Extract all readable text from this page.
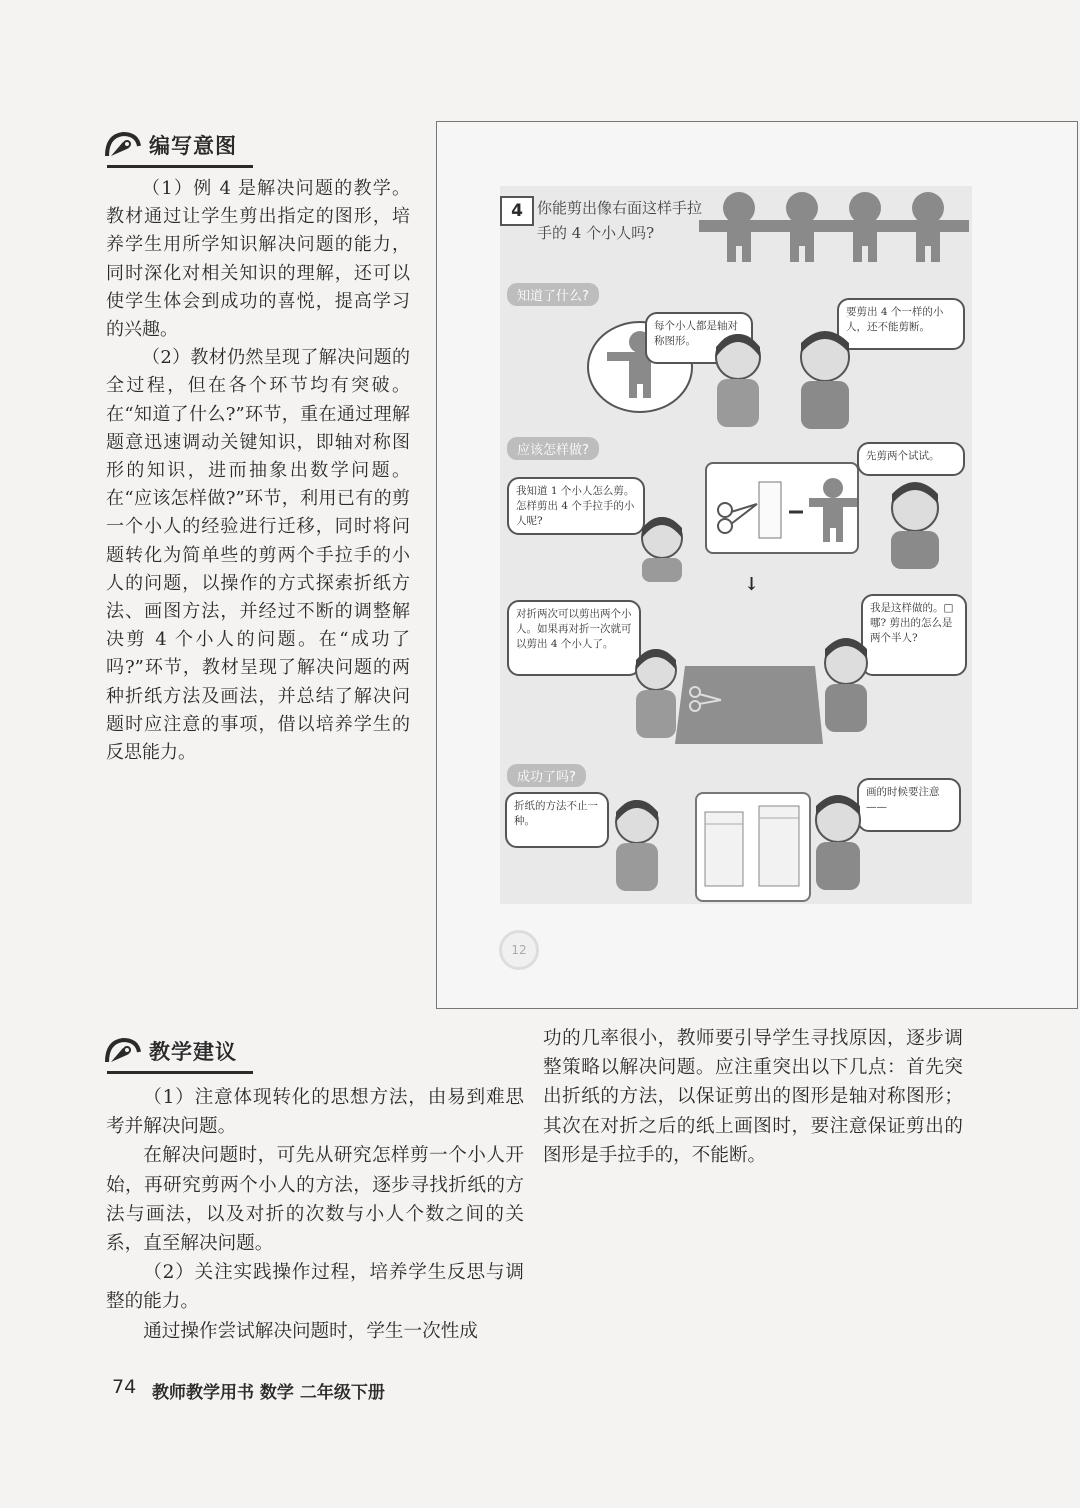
编写意图

（1）例 4 是解决问题的教学。教材通过让学生剪出指定的图形，培养学生用所学知识解决问题的能力，同时深化对相关知识的理解，还可以使学生体会到成功的喜悦，提高学习的兴趣。

（2）教材仍然呈现了解决问题的全过程，但在各个环节均有突破。在“知道了什么?”环节，重在通过理解题意迅速调动关键知识，即轴对称图形的知识，进而抽象出数学问题。在“应该怎样做?”环节，利用已有的剪一个小人的经验进行迁移，同时将问题转化为简单些的剪两个手拉手的小人的问题，以操作的方式探索折纸方法、画图方法，并经过不断的调整解决剪 4 个小人的问题。在“成功了吗?”环节，教材呈现了解决问题的两种折纸方法及画法，并总结了解决问题时应注意的事项，借以培养学生的反思能力。

4 你能剪出像右面这样手拉手的 4 个小人吗?
知道了什么?
每个小人都是轴对称图形。
要剪出 4 个一样的小人，还不能剪断。
应该怎样做?
我知道 1 个小人怎么剪。怎样剪出 4 个手拉手的小人呢?
先剪两个试试。
↓
对折两次可以剪出两个小人。如果再对折一次就可以剪出 4 个小人了。
我是这样做的。□哪? 剪出的怎么是两个半人?
成功了吗?
折纸的方法不止一种。
画的时候要注意——
12
教学建议

（1）注意体现转化的思想方法，由易到难思考并解决问题。

在解决问题时，可先从研究怎样剪一个小人开始，再研究剪两个小人的方法，逐步寻找折纸的方法与画法，以及对折的次数与小人个数之间的关系，直至解决问题。

（2）关注实践操作过程，培养学生反思与调整的能力。

通过操作尝试解决问题时，学生一次性成

功的几率很小，教师要引导学生寻找原因，逐步调整策略以解决问题。应注重突出以下几点：首先突出折纸的方法，以保证剪出的图形是轴对称图形；其次在对折之后的纸上画图时，要注意保证剪出的图形是手拉手的，不能断。

74 教师教学用书 数学 二年级下册
